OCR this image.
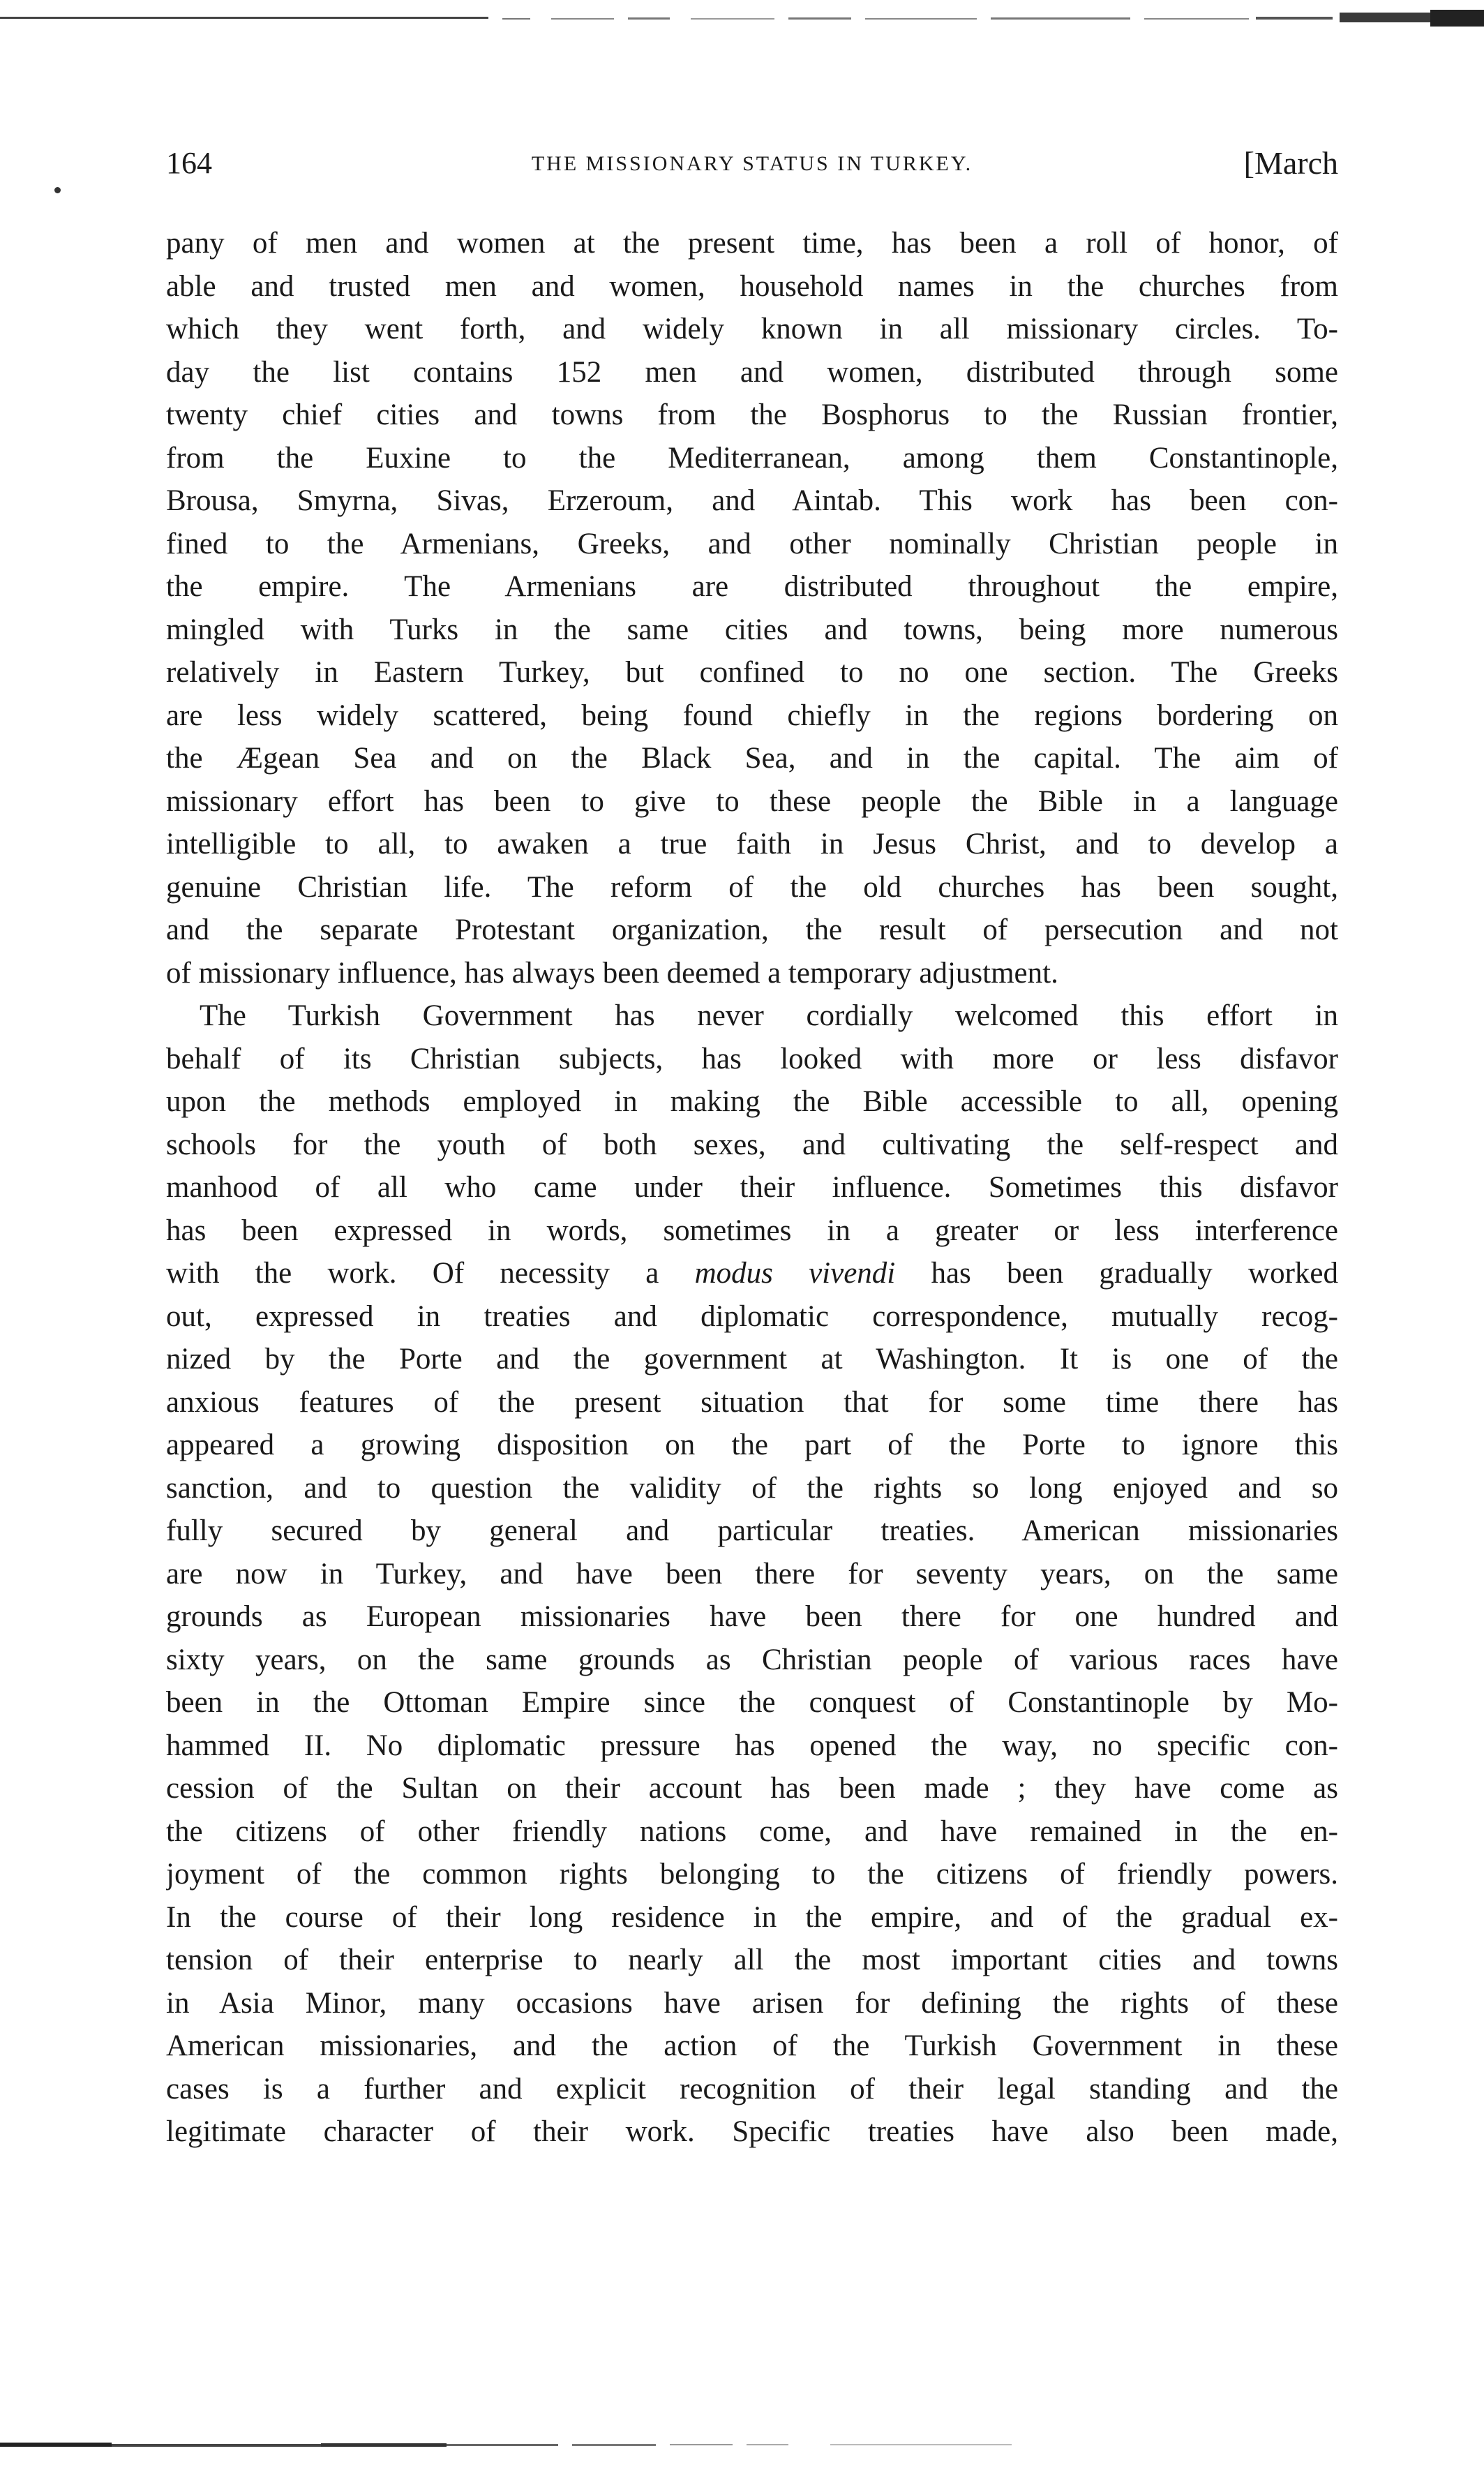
164	THE MISSIONARY STATUS IN TURKEY.	[March
pany of men and women at the present time, has been a roll of honor, of
able and trusted men and women, household names in the churches from
which they went forth, and widely known in all missionary circles. To-
day the list contains 152 men and women, distributed through some
twenty chief cities and towns from the Bosphorus to the Russian frontier,
from the Euxine to the Mediterranean, among them Constantinople,
Brousa, Smyrna, Sivas, Erzeroum, and Aintab. This work has been con-
fined to the Armenians, Greeks, and other nominally Christian people in
the empire. The Armenians are distributed throughout the empire,
mingled with Turks in the same cities and towns, being more numerous
relatively in Eastern Turkey, but confined to no one section. The Greeks
are less widely scattered, being found chiefly in the regions bordering on
the Ægean Sea and on the Black Sea, and in the capital. The aim of
missionary effort has been to give to these people the Bible in a language
intelligible to all, to awaken a true faith in Jesus Christ, and to develop a
genuine Christian life. The reform of the old churches has been sought,
and the separate Protestant organization, the result of persecution and not
of missionary influence, has always been deemed a temporary adjustment.
The Turkish Government has never cordially welcomed this effort in
behalf of its Christian subjects, has looked with more or less disfavor
upon the methods employed in making the Bible accessible to all, opening
schools for the youth of both sexes, and cultivating the self-respect and
manhood of all who came under their influence. Sometimes this disfavor
has been expressed in words, sometimes in a greater or less interference
with the work. Of necessity a modus vivendi has been gradually worked
out, expressed in treaties and diplomatic correspondence, mutually recog-
nized by the Porte and the government at Washington. It is one of the
anxious features of the present situation that for some time there has
appeared a growing disposition on the part of the Porte to ignore this
sanction, and to question the validity of the rights so long enjoyed and so
fully secured by general and particular treaties. American missionaries
are now in Turkey, and have been there for seventy years, on the same
grounds as European missionaries have been there for one hundred and
sixty years, on the same grounds as Christian people of various races have
been in the Ottoman Empire since the conquest of Constantinople by Mo-
hammed II. No diplomatic pressure has opened the way, no specific con-
cession of the Sultan on their account has been made ; they have come as
the citizens of other friendly nations come, and have remained in the en-
joyment of the common rights belonging to the citizens of friendly powers.
In the course of their long residence in the empire, and of the gradual ex-
tension of their enterprise to nearly all the most important cities and towns
in Asia Minor, many occasions have arisen for defining the rights of these
American missionaries, and the action of the Turkish Government in these
cases is a further and explicit recognition of their legal standing and the
legitimate character of their work. Specific treaties have also been made,
